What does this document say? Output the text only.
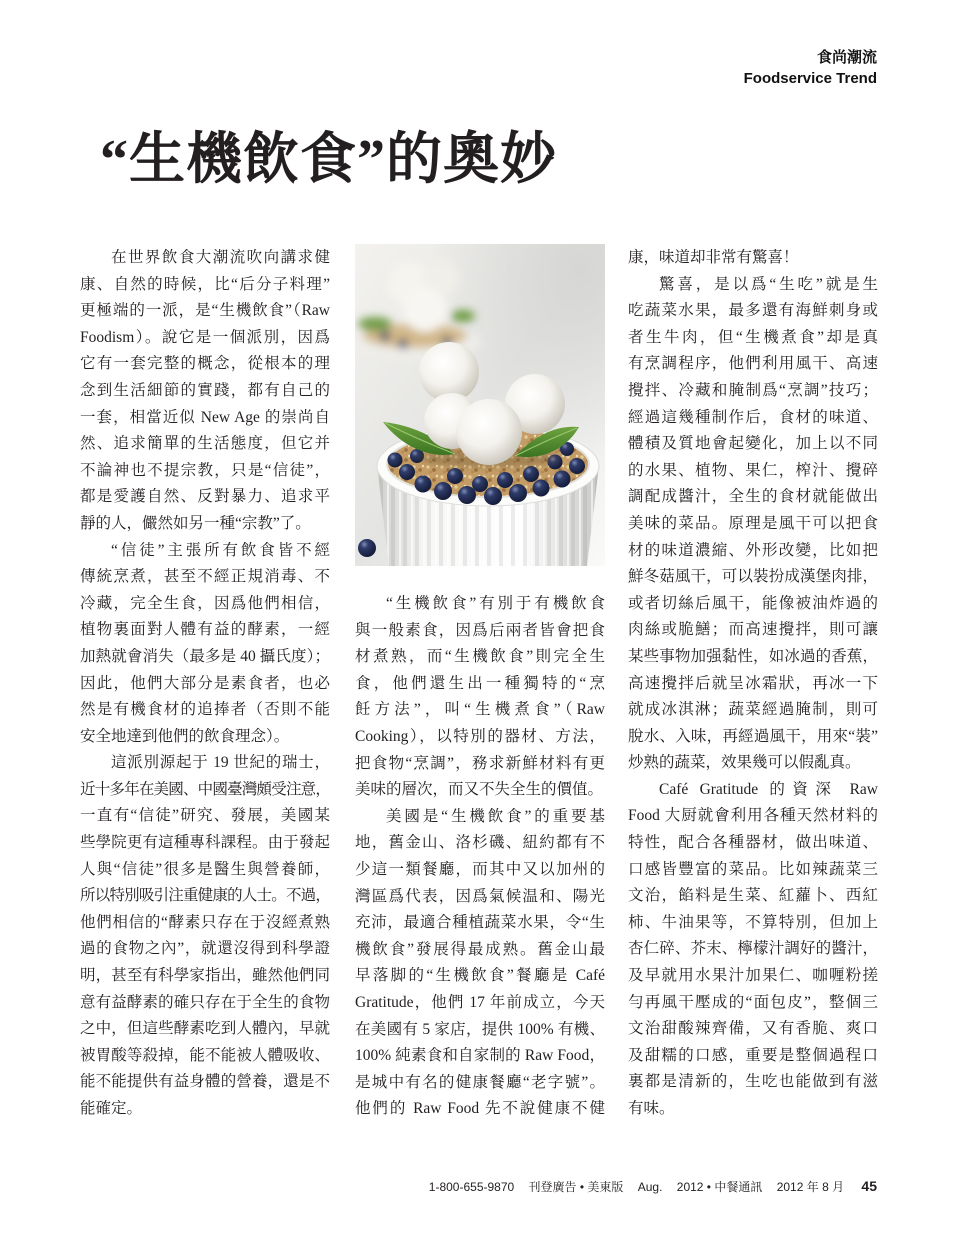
食尚潮流
Foodservice Trend
“生機飲食”的奧妙
在世界飲食大潮流吹向講求健
康、自然的時候，比“后分子料理”
更極端的一派，是“生機飲食”（Raw
Foodism）。說它是一個派別，因爲
它有一套完整的概念，從根本的理
念到生活細節的實踐，都有自己的
一套，相當近似 New Age 的崇尚自
然、追求簡單的生活態度，但它并
不論神也不提宗教，只是“信徒”，
都是愛護自然、反對暴力、追求平
靜的人，儼然如另一種“宗教”了。
“信徒”主張所有飲食皆不經
傳統烹煮，甚至不經正規消毒、不
冷藏，完全生食，因爲他們相信，
植物裏面對人體有益的酵素，一經
加熱就會消失（最多是 40 攝氏度）；
因此，他們大部分是素食者，也必
然是有機食材的追捧者（否則不能
安全地達到他們的飲食理念）。
這派別源起于 19 世紀的瑞士，
近十多年在美國、中國臺灣頗受注意，
一直有“信徒”研究、發展，美國某
些學院更有這種專科課程。由于發起
人與“信徒”很多是醫生與營養師，
所以特別吸引注重健康的人士。不過，
他們相信的“酵素只存在于沒經煮熟
過的食物之內”，就還沒得到科學證
明，甚至有科學家指出，雖然他們同
意有益酵素的確只存在于全生的食物
之中，但這些酵素吃到人體內，早就
被胃酸等殺掉，能不能被人體吸收、
能不能提供有益身體的營養，還是不
能確定。
“生機飲食”有別于有機飲食
與一般素食，因爲后兩者皆會把食
材煮熟，而“生機飲食”則完全生
食，他們還生出一種獨特的“烹
飪方法”，叫“生機煮食”（Raw
Cooking），以特別的器材、方法，
把食物“烹調”，務求新鮮材料有更
美味的層次，而又不失全生的價值。
美國是“生機飲食”的重要基
地，舊金山、洛杉磯、紐約都有不
少這一類餐廳，而其中又以加州的
灣區爲代表，因爲氣候温和、陽光
充沛，最適合種植蔬菜水果，令“生
機飲食”發展得最成熟。舊金山最
早落脚的“生機飲食”餐廳是 Café
Gratitude，他們 17 年前成立，今天
在美國有 5 家店，提供 100% 有機、
100% 純素食和自家制的 Raw Food，
是城中有名的健康餐廳“老字號”。
他們的 Raw Food 先不說健康不健
康，味道却非常有驚喜！
驚喜，是以爲“生吃”就是生
吃蔬菜水果，最多還有海鮮刺身或
者生牛肉，但“生機煮食”却是真
有烹調程序，他們利用風干、高速
攪拌、冷藏和腌制爲“烹調”技巧；
經過這幾種制作后，食材的味道、
體積及質地會起變化，加上以不同
的水果、植物、果仁，榨汁、攪碎
調配成醬汁，全生的食材就能做出
美味的菜品。原理是風干可以把食
材的味道濃縮、外形改變，比如把
鮮冬菇風干，可以裝扮成漢堡肉排，
或者切絲后風干，能像被油炸過的
肉絲或脆鱔；而高速攪拌，則可讓
某些事物加强黏性，如冰過的香蕉，
高速攪拌后就呈冰霜狀，再冰一下
就成冰淇淋；蔬菜經過腌制，則可
脫水、入味，再經過風干，用來“裝”
炒熟的蔬菜，效果幾可以假亂真。
Café Gratitude 的資深 Raw
Food 大厨就會利用各種天然材料的
特性，配合各種器材，做出味道、
口感皆豐富的菜品。比如辣蔬菜三
文治，餡料是生菜、紅蘿卜、西紅
柿、牛油果等，不算特別，但加上
杏仁碎、芥末、檸檬汁調好的醬汁，
及早就用水果汁加果仁、咖喱粉搓
勻再風干壓成的“面包皮”，整個三
文治甜酸辣齊備，又有香脆、爽口
及甜糯的口感，重要是整個過程口
裏都是清新的，生吃也能做到有滋
有味。
1-800-655-9870 刊登廣告 • 美東版 Aug. 2012 • 中餐通訊 2012 年 8 月 45
